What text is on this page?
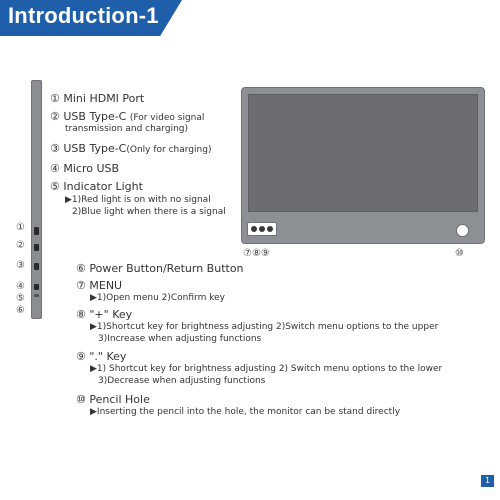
Introduction-1
①
②
③
④
⑤
⑥
⑦⑧⑨	⑩
① Mini HDMI Port
② USB Type-C (For video signal
transmission and charging)
③ USB Type-C(Only for charging)
④ Micro USB
⑤ Indicator Light
▶1)Red light is on with no signal
2)Blue light when there is a signal
⑥ Power Button/Return Button
⑦ MENU
▶1)Open menu 2)Confirm key
⑧ "+" Key
▶1)Shortcut key for brightness adjusting 2)Switch menu options to the upper
3)Increase when adjusting functions
⑨ "." Key
▶1) Shortcut key for brightness adjusting 2) Switch menu options to the lower
3)Decrease when adjusting functions
⑩ Pencil Hole
▶Inserting the pencil into the hole, the monitor can be stand directly
1
